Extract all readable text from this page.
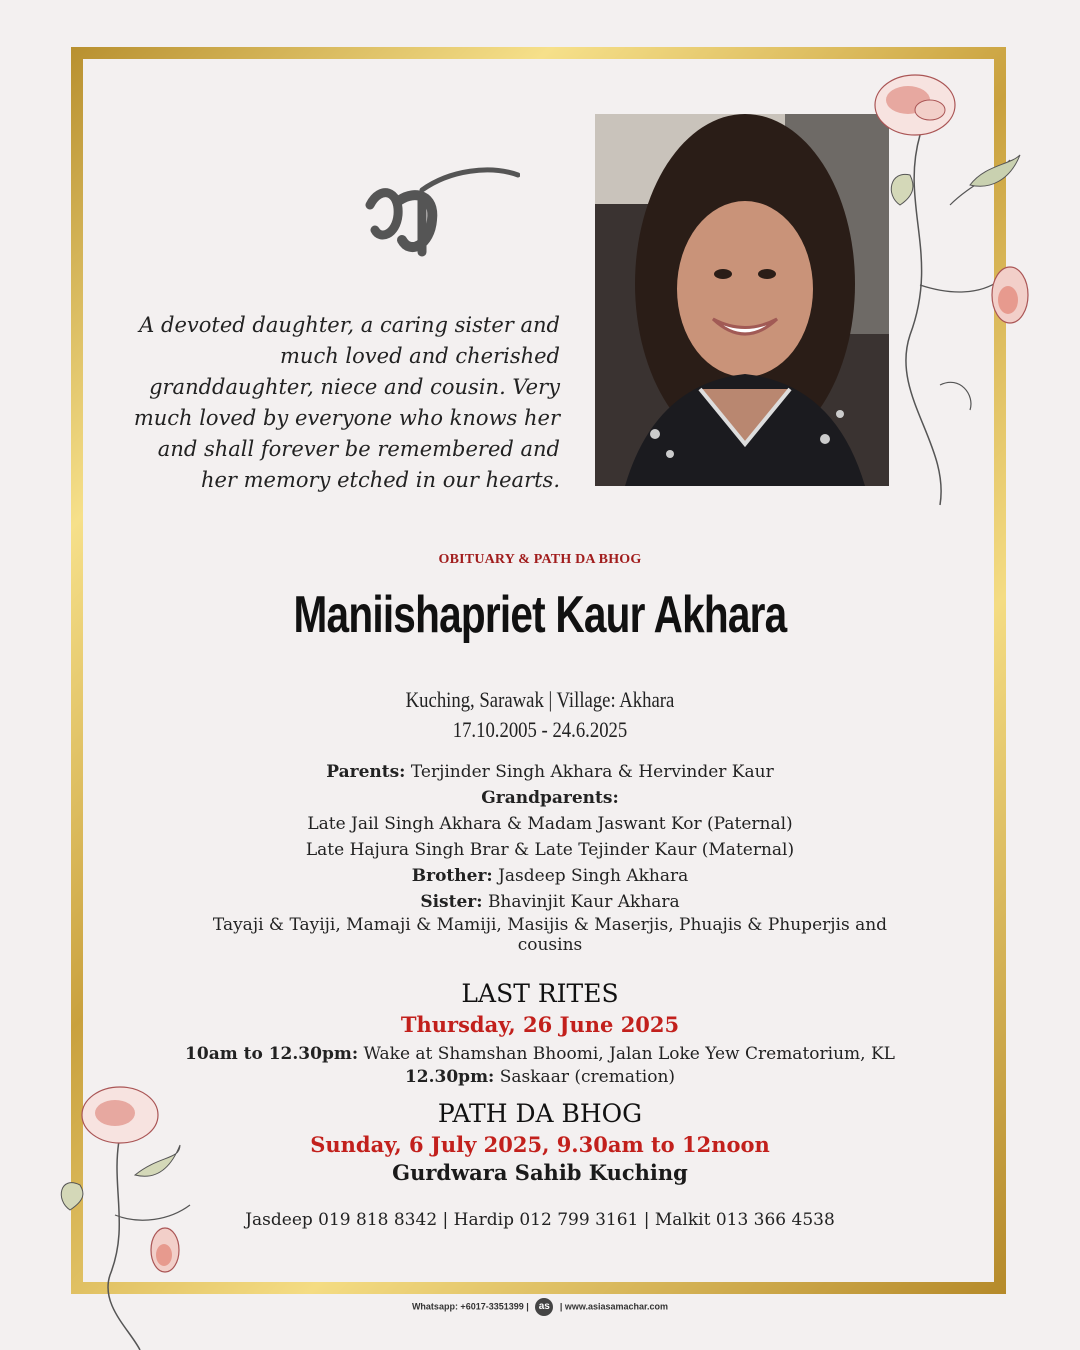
A devoted daughter, a caring sister and much loved and cherished granddaughter, niece and cousin. Very much loved by everyone who knows her and shall forever be remembered and her memory etched in our hearts.

OBITUARY & PATH DA BHOG
Maniishapriet Kaur Akhara
Kuching, Sarawak | Village: Akhara
17.10.2005 - 24.6.2025
Parents: Terjinder Singh Akhara & Hervinder Kaur
Grandparents:
Late Jail Singh Akhara & Madam Jaswant Kor (Paternal)
Late Hajura Singh Brar & Late Tejinder Kaur (Maternal)
Brother: Jasdeep Singh Akhara
Sister: Bhavinjit Kaur Akhara
Tayaji & Tayiji, Mamaji & Mamiji, Masijis & Maserjis, Phuajis & Phuperjis and cousins
LAST RITES
Thursday, 26 June 2025
10am to 12.30pm: Wake at Shamshan Bhoomi, Jalan Loke Yew Crematorium, KL
12.30pm: Saskaar (cremation)
PATH DA BHOG
Sunday, 6 July 2025, 9.30am to 12noon
Gurdwara Sahib Kuching
Jasdeep 019 818 8342 | Hardip 012 799 3161 | Malkit 013 366 4538
Whatsapp: +6017-3351399 | as | www.asiasamachar.com
